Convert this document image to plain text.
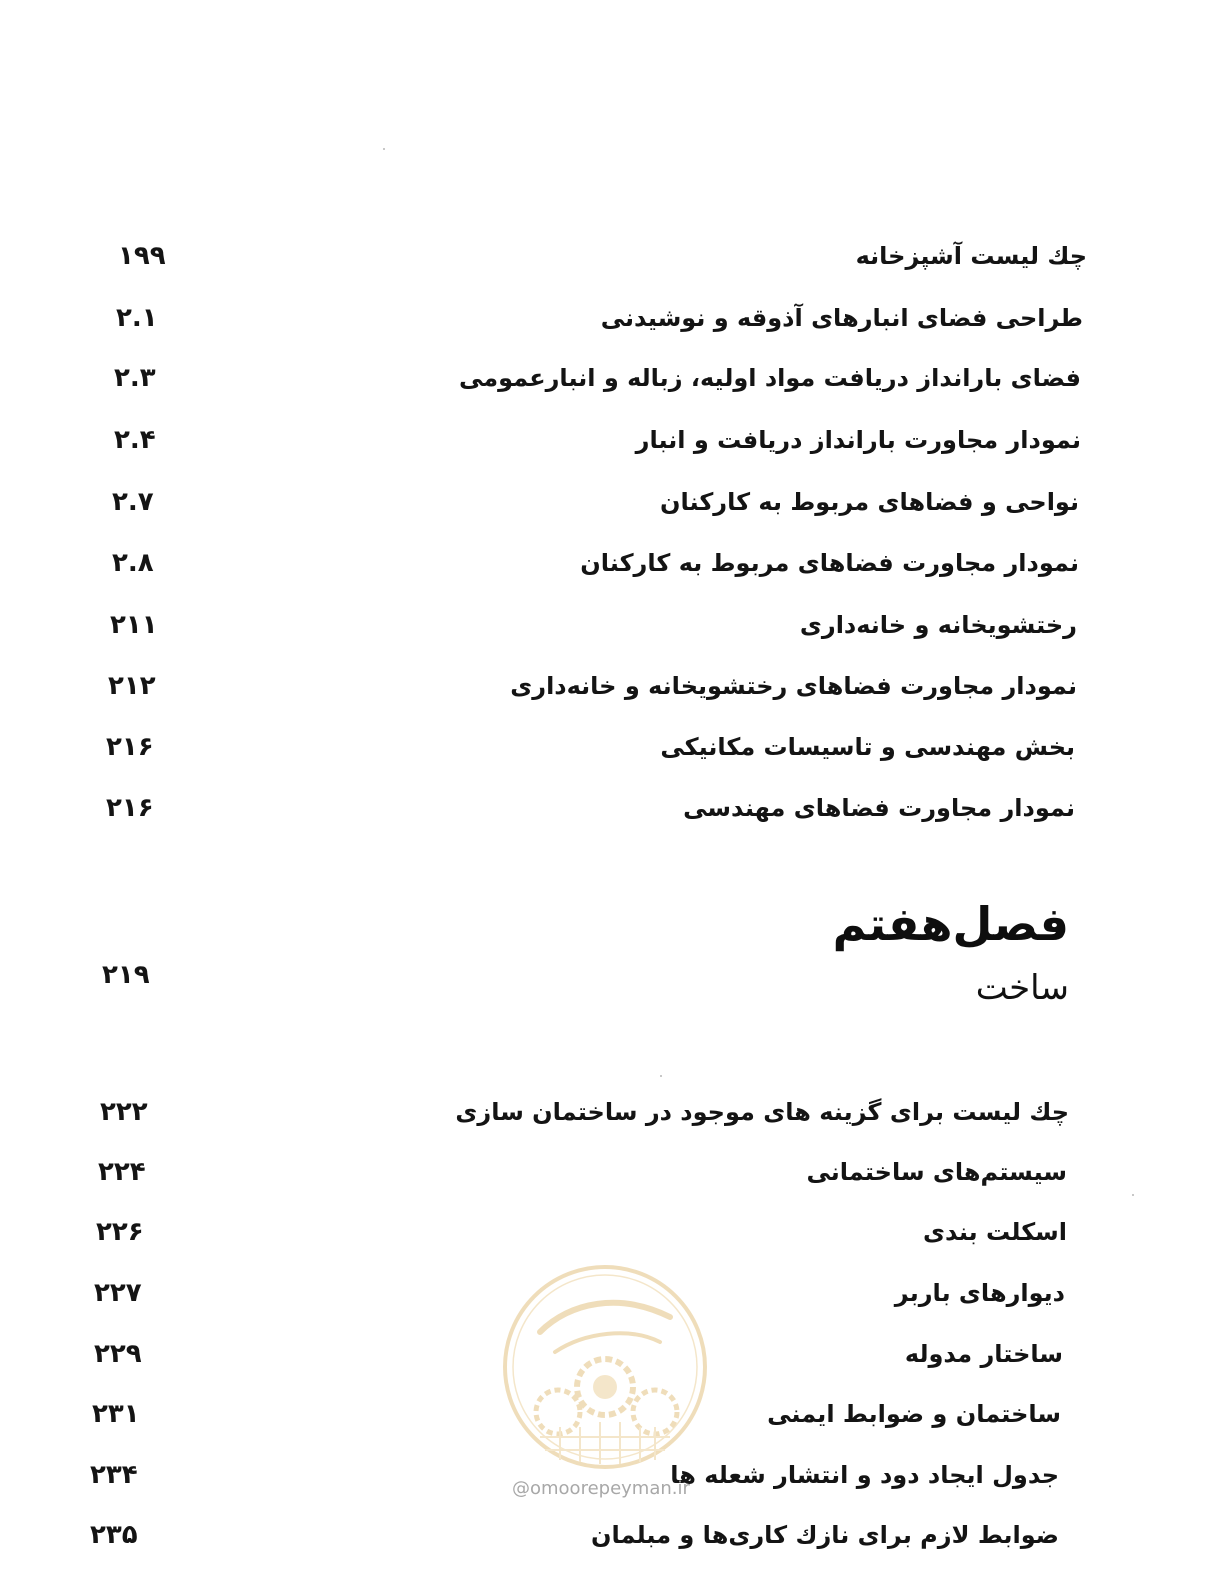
چك ليست آشپزخانه
۱۹۹
طراحی فضای انبارهای آذوقه و نوشیدنی
۲.۱
فضای بارانداز دریافت مواد اولیه، زباله و انبارعمومی
۲.۳
نمودار مجاورت بارانداز دریافت و انبار
۲.۴
نواحی و فضاهای مربوط به کارکنان
۲.۷
نمودار مجاورت فضاهای مربوط به کارکنان
۲.۸
رختشویخانه و خانه‌داری
۲۱۱
نمودار مجاورت فضاهای رختشویخانه و خانه‌داری
۲۱۲
بخش مهندسی و تاسیسات مکانیکی
۲۱۶
نمودار مجاورت فضاهای مهندسی
۲۱۶
فصل‌هفتم
ساخت
۲۱۹
چك ليست برای گزینه های موجود در ساختمان سازی
۲۲۲
سیستم‌های ساختمانی
۲۲۴
اسکلت‌ بندی
۲۲۶
دیوارهای باربر
۲۲۷
ساختار مدوله
۲۲۹
ساختمان و ضوابط ایمنی
۲۳۱
جدول ایجاد دود و انتشار شعله ها
۲۳۴
ضوابط لازم برای نازك کاری‌ها و مبلمان
۲۳۵
@omoorepeyman.ir
